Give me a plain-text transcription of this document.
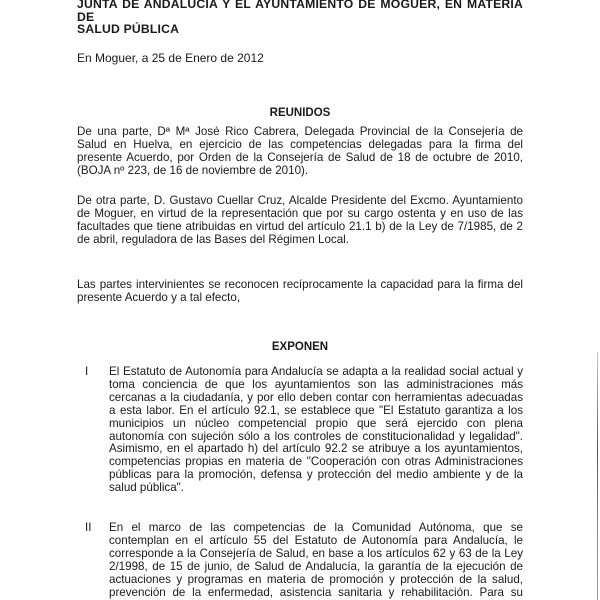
JUNTA DE ANDALUCIA Y EL AYUNTAMIENTO DE MOGUER, EN MATERIA DE
SALUD PÚBLICA
En Moguer, a 25 de Enero de 2012
REUNIDOS
De una parte, Dª Mª José Rico Cabrera, Delegada Provincial de la Consejería de
Salud en Huelva, en ejercicio de las competencias delegadas para la firma del
presente Acuerdo, por Orden de la Consejería de Salud de 18 de octubre de 2010,
(BOJA nº 223, de 16 de noviembre de 2010).
De otra parte, D. Gustavo Cuellar Cruz, Alcalde Presidente del Excmo. Ayuntamiento
de Moguer, en virtud de la representación que por su cargo ostenta y en uso de las
facultades que tiene atribuidas en virtud del artículo 21.1 b) de la Ley de 7/1985, de 2
de abril, reguladora de las Bases del Régimen Local.
Las partes intervinientes se reconocen recíprocamente la capacidad para la firma del
presente Acuerdo y a tal efecto,
EXPONEN
I El Estatuto de Autonomía para Andalucía se adapta a la realidad social actual y
toma conciencia de que los ayuntamientos son las administraciones más
cercanas a la ciudadanía, y por ello deben contar con herramientas adecuadas
a esta labor. En el artículo 92.1, se establece que "El Estatuto garantiza a los
municipios un núcleo competencial propio que será ejercido con plena
autonomía con sujeción sólo a los controles de constitucionalidad y legalidad".
Asimismo, en el apartado h) del artículo 92.2 se atribuye a los ayuntamientos,
competencias propias en materia de "Cooperación con otras Administraciones
públicas para la promoción, defensa y protección del medio ambiente y de la
salud pública".
II En el marco de las competencias de la Comunidad Autónoma, que se
contemplan en el artículo 55 del Estatuto de Autonomía para Andalucía, le
corresponde a la Consejería de Salud, en base a los artículos 62 y 63 de la Ley
2/1998, de 15 de junio, de Salud de Andalucía, la garantía de la ejecución de
actuaciones y programas en materia de promoción y protección de la salud,
prevención de la enfermedad, asistencia sanitaria y rehabilitación. Para su
